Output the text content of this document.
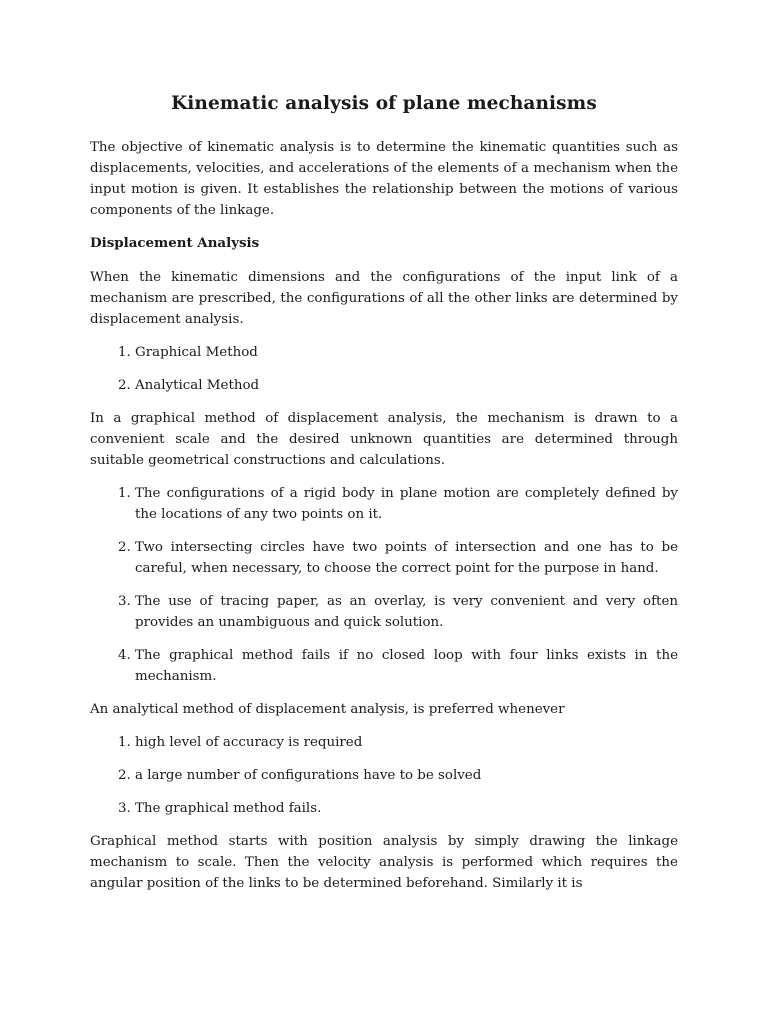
Kinematic analysis of plane mechanisms

The objective of kinematic analysis is to determine the kinematic quantities such as displacements, velocities, and accelerations of the elements of a mechanism when the input motion is given. It establishes the relationship between the motions of various components of the linkage.

Displacement Analysis

When the kinematic dimensions and the configurations of the input link of a mechanism are prescribed, the configurations of all the other links are determined by displacement analysis.

1. Graphical Method
2. Analytical Method

In a graphical method of displacement analysis, the mechanism is drawn to a convenient scale and the desired unknown quantities are determined through suitable geometrical constructions and calculations.

1. The configurations of a rigid body in plane motion are completely defined by the locations of any two points on it.
2. Two intersecting circles have two points of intersection and one has to be careful, when necessary, to choose the correct point for the purpose in hand.
3. The use of tracing paper, as an overlay, is very convenient and very often provides an unambiguous and quick solution.
4. The graphical method fails if no closed loop with four links exists in the mechanism.

An analytical method of displacement analysis, is preferred whenever

1. high level of accuracy is required
2. a large number of configurations have to be solved
3. The graphical method fails.

Graphical method starts with position analysis by simply drawing the linkage mechanism to scale. Then the velocity analysis is performed which requires the angular position of the links to be determined beforehand. Similarly it is
